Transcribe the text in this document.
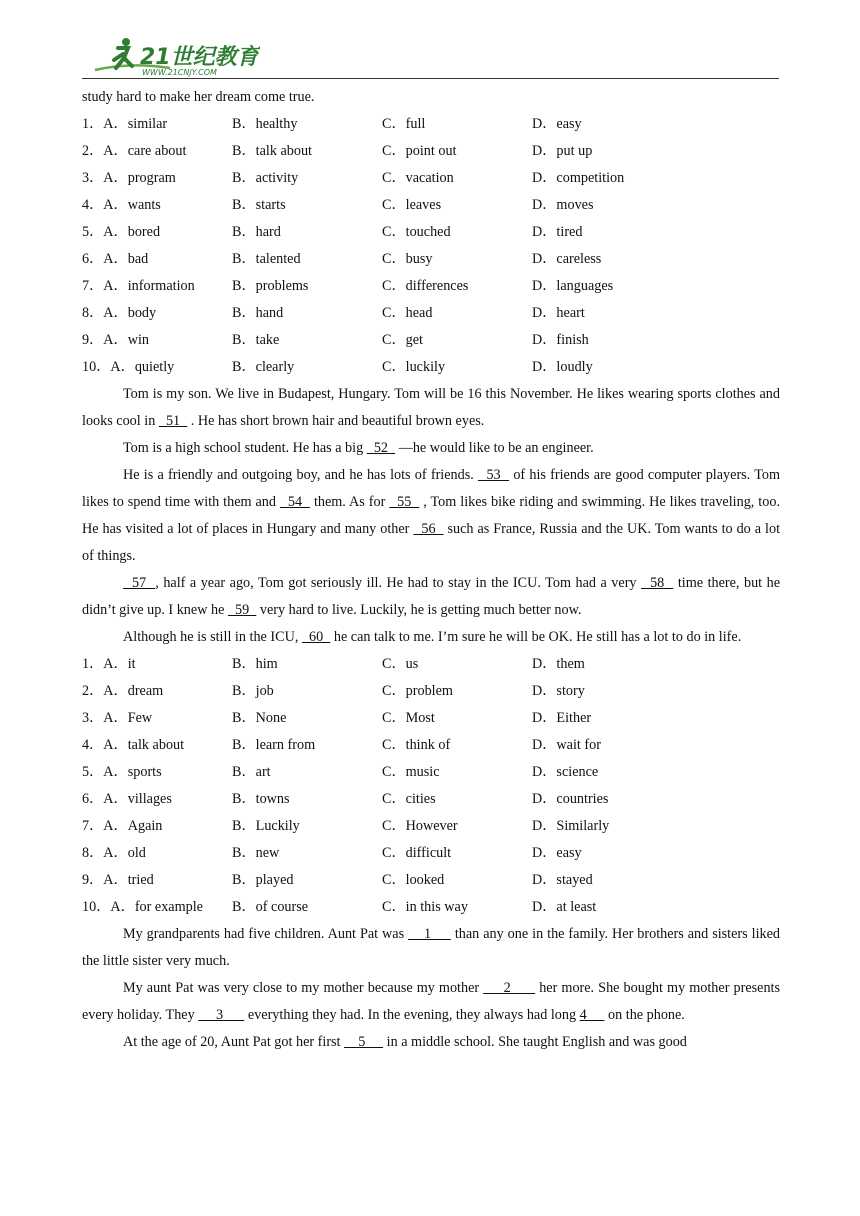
21世纪教育
WWW.21CNJY.COM
study hard to make her dream come true.
1．A．similar	B．healthy	C．full	D．easy
2．A．care about	B．talk about	C．point out	D．put up
3．A．program	B．activity	C．vacation	D．competition
4．A．wants	B．starts	C．leaves	D．moves
5．A．bored	B．hard	C．touched	D．tired
6．A．bad	B．talented	C．busy	D．careless
7．A．information	B．problems	C．differences	D．languages
8．A．body	B．hand	C．head	D．heart
9．A．win	B．take	C．get	D．finish
10．A．quietly	B．clearly	C．luckily	D．loudly
Tom is my son. We live in Budapest, Hungary. Tom will be 16 this November. He likes wearing sports clothes and looks cool in   51   . He has short brown hair and beautiful brown eyes.
Tom is a high school student. He has a big   52   —he would like to be an engineer.
He is a friendly and outgoing boy, and he has lots of friends.   53   of his friends are good computer players. Tom likes to spend time with them and   54   them. As for   55   , Tom likes bike riding and swimming. He likes traveling, too. He has visited a lot of places in Hungary and many other   56   such as France, Russia and the UK. Tom wants to do a lot of things.
57  , half a year ago, Tom got seriously ill. He had to stay in the ICU. Tom had a very   58   time there, but he didn’t give up. I knew he   59   very hard to live. Luckily, he is getting much better now.
Although he is still in the ICU,   60   he can talk to me. I’m sure he will be OK. He still has a lot to do in life.
1．A．it	B．him	C．us	D．them
2．A．dream	B．job	C．problem	D．story
3．A．Few	B．None	C．Most	D．Either
4．A．talk about	B．learn from	C．think of	D．wait for
5．A．sports	B．art	C．music	D．science
6．A．villages	B．towns	C．cities	D．countries
7．A．Again	B．Luckily	C．However	D．Similarly
8．A．old	B．new	C．difficult	D．easy
9．A．tried	B．played	C．looked	D．stayed
10．A．for example B．of course	C．in this way	D．at least
My grandparents had five children. Aunt Pat was     1      than any one in the family. Her brothers and sisters liked the little sister very much.
My aunt Pat was very close to my mother because my mother      2       her more. She bought my mother presents every holiday. They      3       everything they had. In the evening, they always had long 4      on the phone.
At the age of 20, Aunt Pat got her first     5      in a middle school. She taught English and was good
